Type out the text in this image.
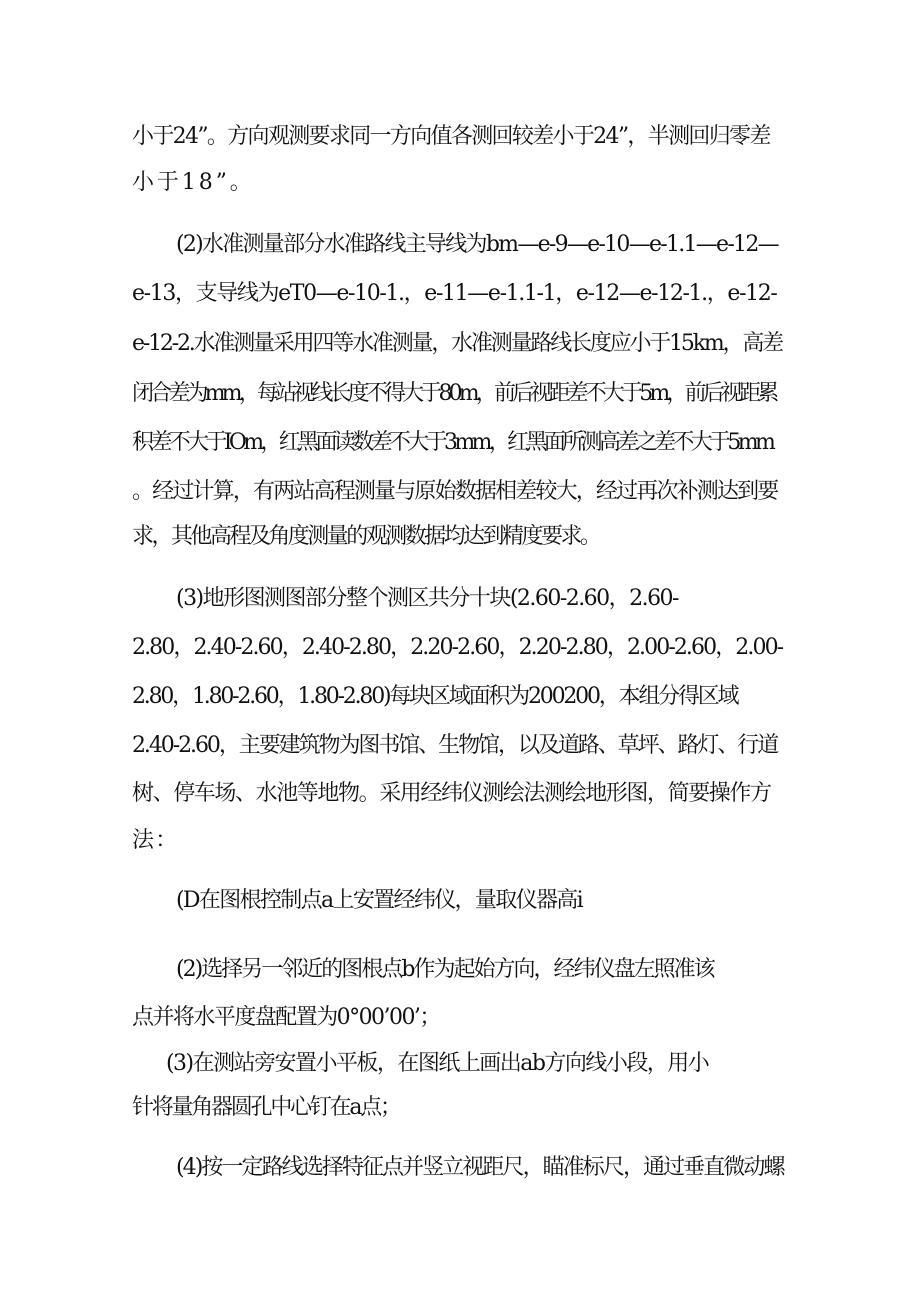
小于24”。方向观测要求同一方向值各测回较差小于24”，半测回归零差
小于18”。
(2)水准测量部分水准路线主导线为bm—e-9—e-10—e-1.1—e-12—
e-13，支导线为eT0—e-10-1.，e-11—e-1.1-1，e-12—e-12-1.，e-12-
e-12-2.水准测量采用四等水准测量，水准测量路线长度应小于15km，高差
闭合差为mm，每站视线长度不得大于80m，前后视距差不大于5m，前后视距累
积差不大于IOm，红黑面读数差不大于3mm，红黑面所测高差之差不大于5mm
。经过计算，有两站高程测量与原始数据相差较大，经过再次补测达到要
求，其他高程及角度测量的观测数据均达到精度要求。
(3)地形图测图部分整个测区共分十块(2.60-2.60，2.60-
2.80，2.40-2.60，2.40-2.80，2.20-2.60，2.20-2.80，2.00-2.60，2.00-
2.80，1.80-2.60，1.80-2.80)每块区域面积为200200，本组分得区域
2.40-2.60，主要建筑物为图书馆、生物馆，以及道路、草坪、路灯、行道
树、停车场、水池等地物。采用经纬仪测绘法测绘地形图，简要操作方
法：
(D在图根控制点a上安置经纬仪，量取仪器高i
(2)选择另一邻近的图根点b作为起始方向，经纬仪盘左照准该
点并将水平度盘配置为0°00’00’；
(3)在测站旁安置小平板，在图纸上画出ab方向线小段，用小
针将量角器圆孔中心钉在a点；
(4)按一定路线选择特征点并竖立视距尺，瞄准标尺，通过垂直微动螺
